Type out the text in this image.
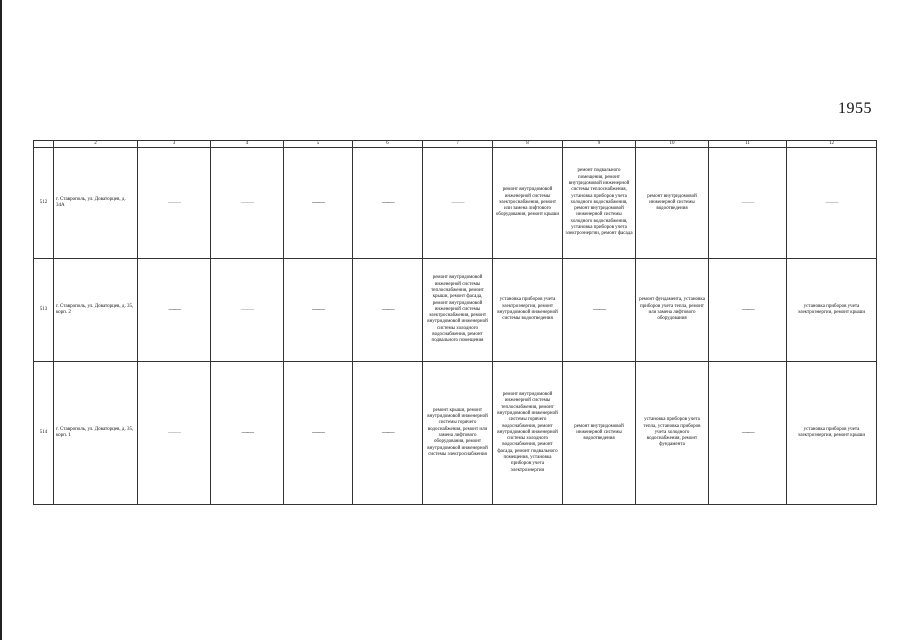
1955
	2	3	4	5	6	7	8	9	10	11	12
512	г. Ставрополь, ул. Доваторцев, д. 34А	——	——	——	——	——	ремонт внутридомовой инженерной системы электроснабжения, ремонт или замена лифтового оборудования, ремонт крыши	ремонт подвального помещения, ремонт внутридомовой инженерной системы теплоснабжения, установка приборов учета холодного водоснабжения, ремонт внутридомовой инженерной системы холодного водоснабжения, установка приборов учета электроэнергии, ремонт фасада	ремонт внутридомовой инженерной системы водоотведения	——	——
513	г. Ставрополь, ул. Доваторцев, д. 35, корп. 2	——	——	——	——	ремонт внутридомовой инженерной системы теплоснабжения, ремонт крыши, ремонт фасада, ремонт внутридомовой инженерной системы электроснабжения, ремонт внутридомовой инженерной системы холодного водоснабжения, ремонт подвального помещения	установка приборов учета электроэнергии, ремонт внутридомовой инженерной системы водоотведения	——	ремонт фундамента, установка приборов учета тепла, ремонт или замена лифтового оборудования	——	установка приборов учета электроэнергии, ремонт крыши
514	г. Ставрополь, ул. Доваторцев, д. 35, корп. 1	——	——	——	——	ремонт крыши, ремонт внутридомовой инженерной системы горячего водоснабжения, ремонт или замена лифтового оборудования, ремонт внутридомовой инженерной системы электроснабжения	ремонт внутридомовой инженерной системы теплоснабжения, ремонт внутридомовой инженерной системы горячего водоснабжения, ремонт внутридомовой инженерной системы холодного водоснабжения, ремонт фасада, ремонт подвального помещения, установка приборов учета электроэнергии	ремонт внутридомовой инженерной системы водоотведения	установка приборов учета тепла, установка приборов учета холодного водоснабжения, ремонт фундамента	——	установка приборов учета электроэнергии, ремонт крыши
